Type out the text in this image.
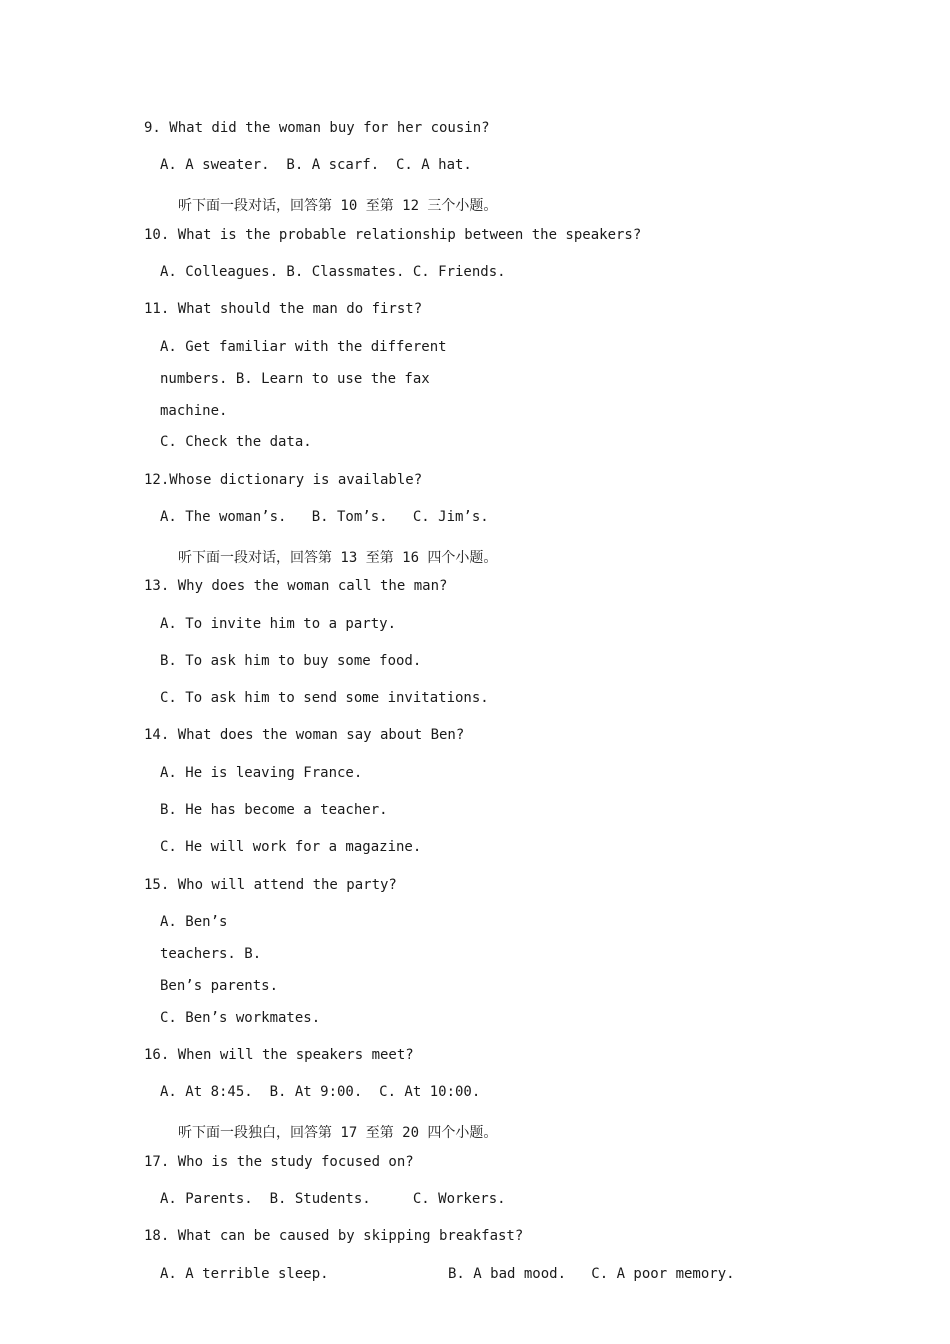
9. What did the woman buy for her cousin?

A. A sweater.  B. A scarf.  C. A hat.

听下面一段对话，回答第 10 至第 12 三个小题。

10. What is the probable relationship between the speakers?

A. Colleagues. B. Classmates. C. Friends.

11. What should the man do first?

A. Get familiar with the different

numbers. B. Learn to use the fax

machine.

C. Check the data.

12.Whose dictionary is available?

A. The woman’s.   B. Tom’s.   C. Jim’s.

听下面一段对话，回答第 13 至第 16 四个小题。

13. Why does the woman call the man?

A. To invite him to a party.

B. To ask him to buy some food.

C. To ask him to send some invitations.

14. What does the woman say about Ben?

A. He is leaving France.

B. He has become a teacher.

C. He will work for a magazine.

15. Who will attend the party?

A. Ben’s

teachers. B.

Ben’s parents.

C. Ben’s workmates.

16. When will the speakers meet?

A. At 8:45.  B. At 9:00.  C. At 10:00.

听下面一段独白，回答第 17 至第 20 四个小题。

17. Who is the study focused on?

A. Parents.  B. Students.     C. Workers.

18. What can be caused by skipping breakfast?

A. A terrible sleep.	B. A bad mood.   C. A poor memory.
